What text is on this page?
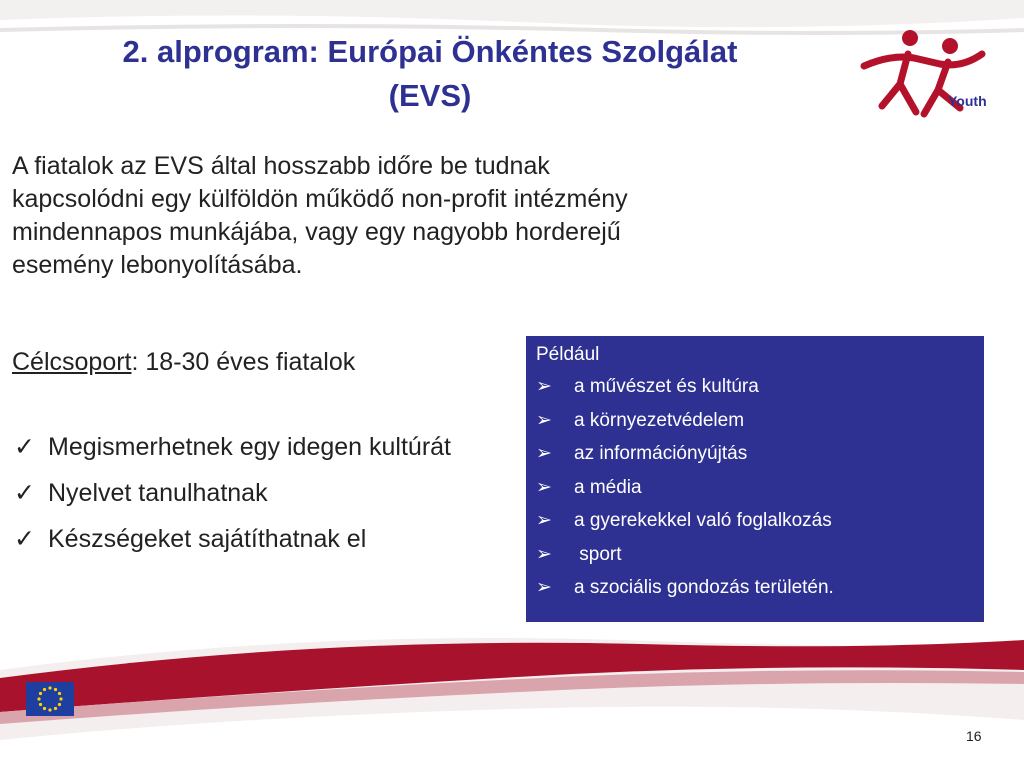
2. alprogram: Európai Önkéntes Szolgálat
(EVS)	Youth
A fiatalok az EVS által hosszabb időre be tudnak kapcsolódni egy külföldön működő non-profit intézmény mindennapos munkájába, vagy egy nagyobb horderejű esemény lebonyolításába.
Célcsoport: 18-30 éves fiatalok
✓ Megismerhetnek egy idegen kultúrát
✓ Nyelvet tanulhatnak
✓ Készségeket sajátíthatnak el
Például
➢ a művészet és kultúra
➢ a környezetvédelem
➢ az információnyújtás
➢ a média
➢ a gyerekekkel való foglalkozás
➢ sport
➢ a szociális gondozás területén.
16
